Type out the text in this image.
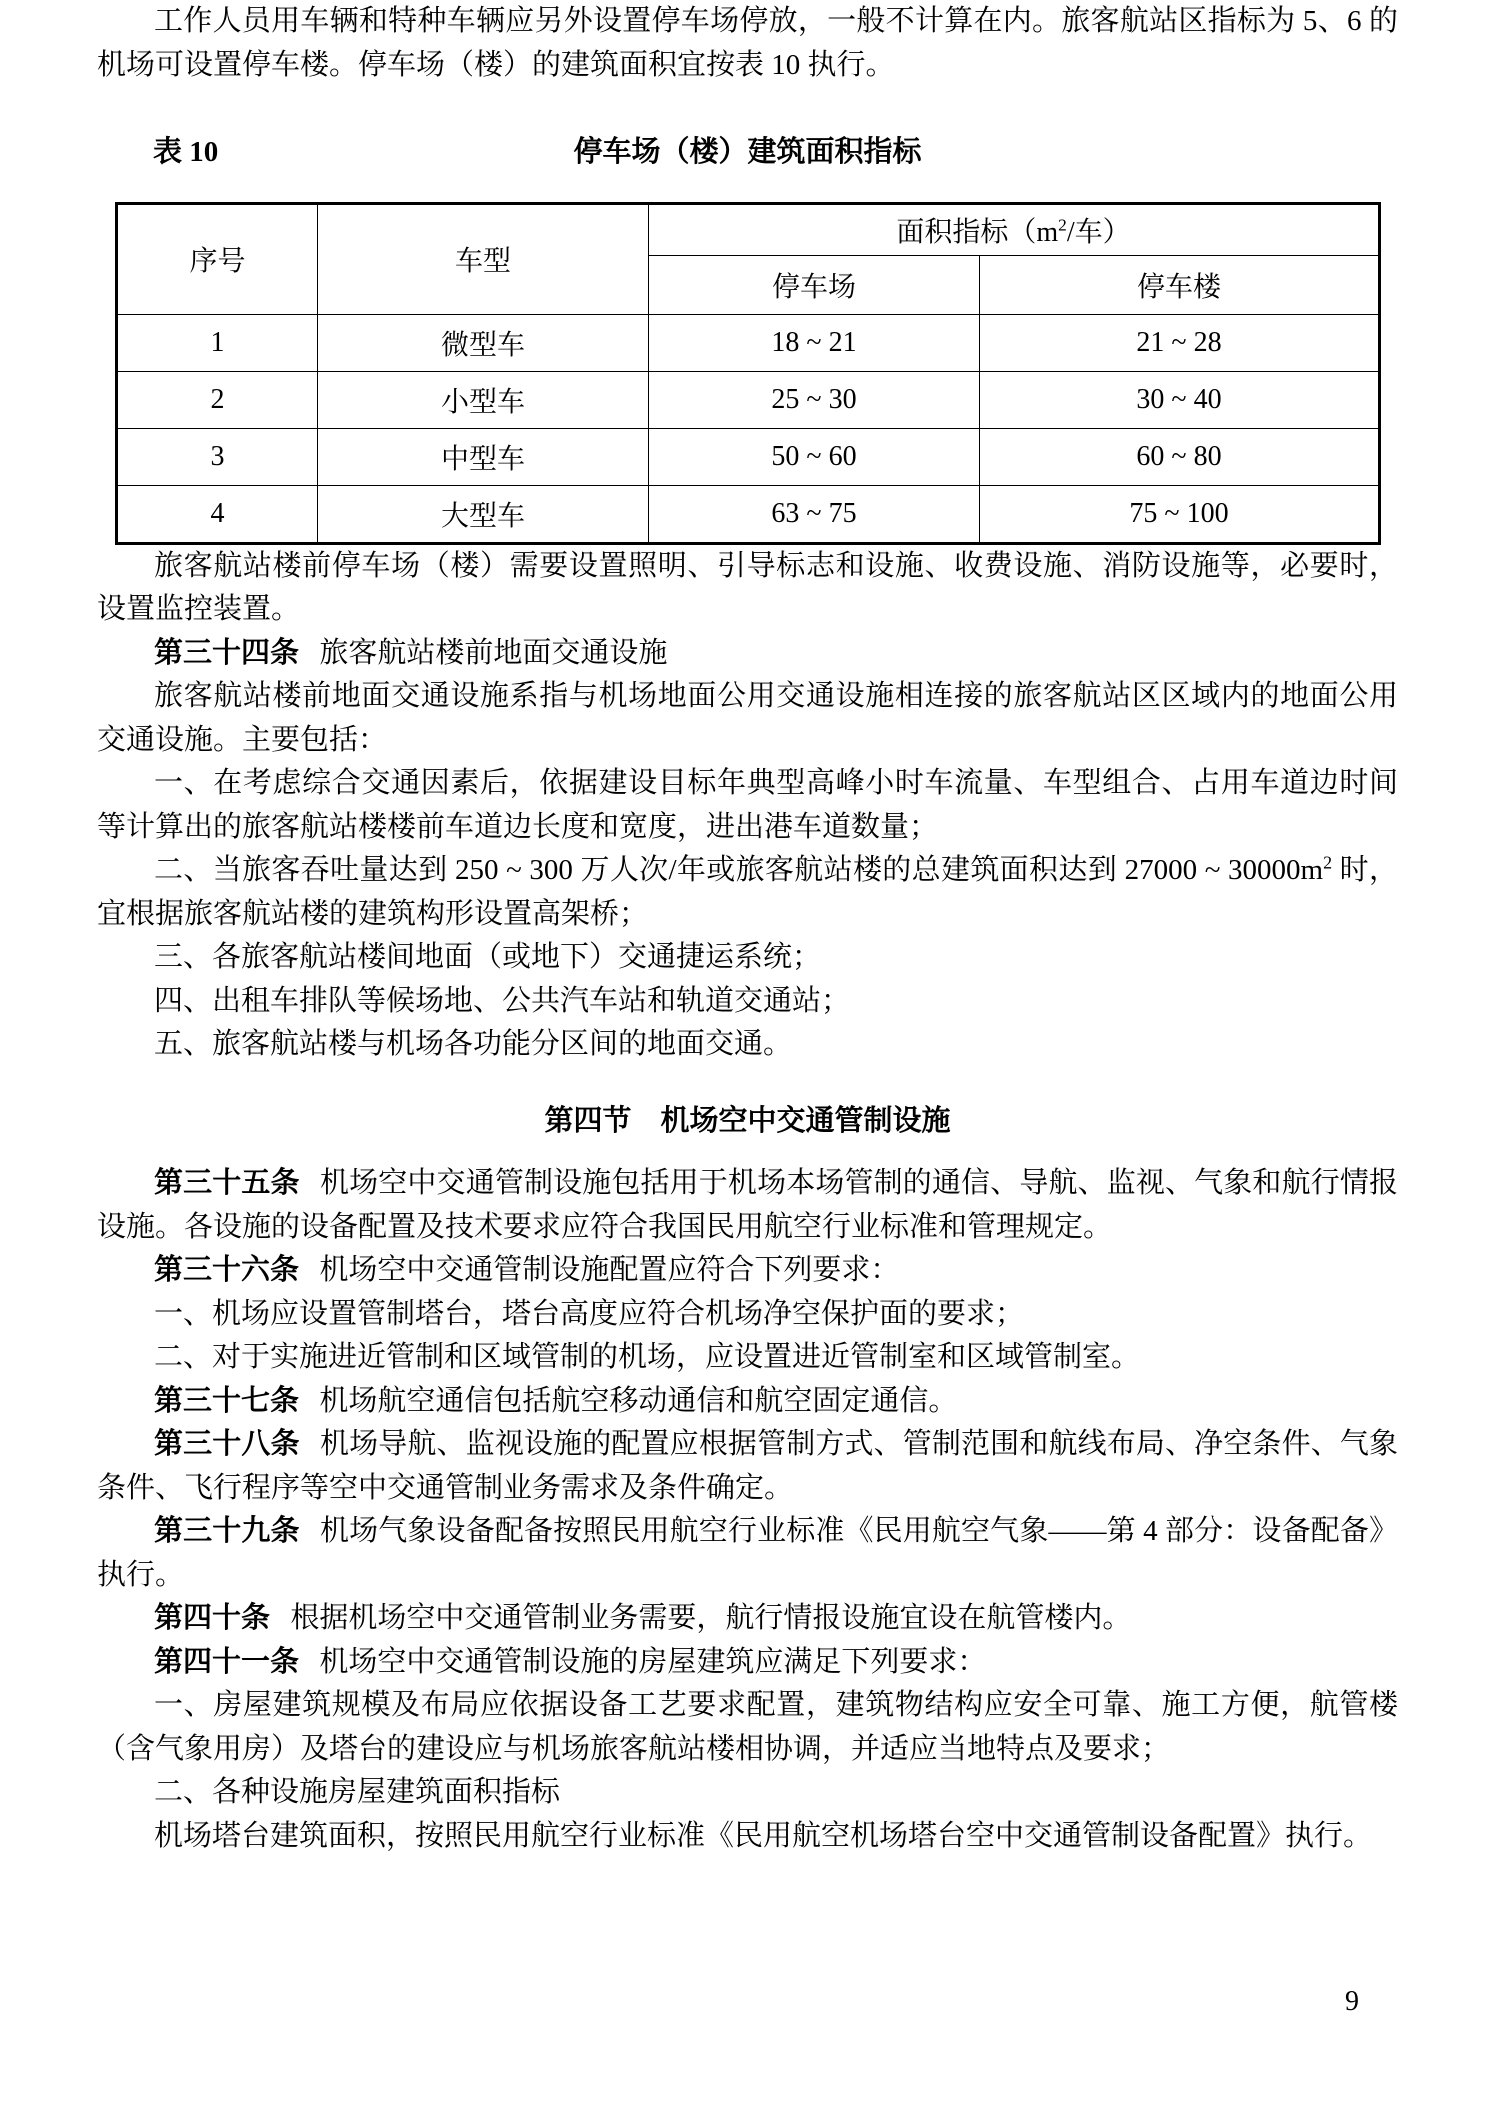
工作人员用车辆和特种车辆应另外设置停车场停放，一般不计算在内。旅客航站区指标为 5、6 的机场可设置停车楼。停车场（楼）的建筑面积宜按表 10 执行。

表 10	停车场（楼）建筑面积指标
序号	车型	面积指标（$m^2/$车）	
		停车场	停车楼
1	微型车	18 ~ 21	21 ~ 28
2	小型车	25 ~ 30	30 ~ 40
3	中型车	50 ~ 60	60 ~ 80
4	大型车	63 ~ 75	75 ~ 100

旅客航站楼前停车场（楼）需要设置照明、引导标志和设施、收费设施、消防设施等，必要时，设置监控装置。

第三十四条 旅客航站楼前地面交通设施

旅客航站楼前地面交通设施系指与机场地面公用交通设施相连接的旅客航站区区域内的地面公用交通设施。主要包括：

一、在考虑综合交通因素后，依据建设目标年典型高峰小时车流量、车型组合、占用车道边时间等计算出的旅客航站楼楼前车道边长度和宽度，进出港车道数量；

二、当旅客吞吐量达到 250 ~ 300 万人次/年或旅客航站楼的总建筑面积达到 27000 ~ $30000m^2$ 时，宜根据旅客航站楼的建筑构形设置高架桥；

三、各旅客航站楼间地面（或地下）交通捷运系统；

四、出租车排队等候场地、公共汽车站和轨道交通站；

五、旅客航站楼与机场各功能分区间的地面交通。

第四节 机场空中交通管制设施

第三十五条 机场空中交通管制设施包括用于机场本场管制的通信、导航、监视、气象和航行情报设施。各设施的设备配置及技术要求应符合我国民用航空行业标准和管理规定。

第三十六条 机场空中交通管制设施配置应符合下列要求：

一、机场应设置管制塔台，塔台高度应符合机场净空保护面的要求；

二、对于实施进近管制和区域管制的机场，应设置进近管制室和区域管制室。

第三十七条 机场航空通信包括航空移动通信和航空固定通信。

第三十八条 机场导航、监视设施的配置应根据管制方式、管制范围和航线布局、净空条件、气象条件、飞行程序等空中交通管制业务需求及条件确定。

第三十九条 机场气象设备配备按照民用航空行业标准《民用航空气象——第 4 部分：设备配备》执行。

第四十条 根据机场空中交通管制业务需要，航行情报设施宜设在航管楼内。

第四十一条 机场空中交通管制设施的房屋建筑应满足下列要求：

一、房屋建筑规模及布局应依据设备工艺要求配置，建筑物结构应安全可靠、施工方便，航管楼（含气象用房）及塔台的建设应与机场旅客航站楼相协调，并适应当地特点及要求；

二、各种设施房屋建筑面积指标

机场塔台建筑面积，按照民用航空行业标准《民用航空机场塔台空中交通管制设备配置》执行。

9
